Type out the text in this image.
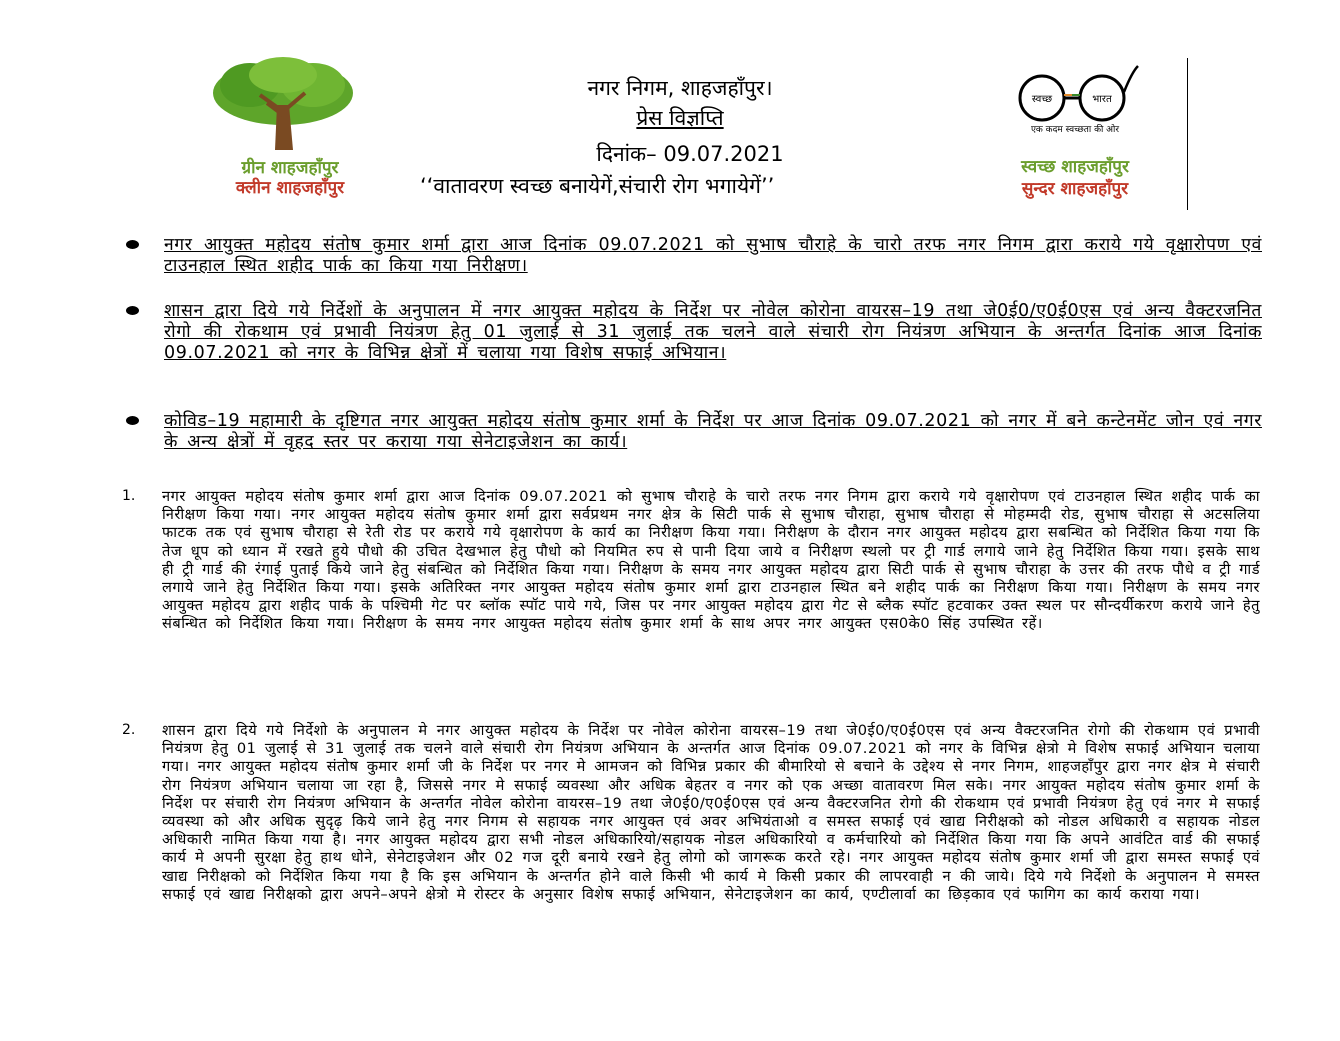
ग्रीन शाहजहाँपुर
क्लीन शाहजहाँपुर
स्वच्छ	भारत
एक कदम स्वच्छता की ओर
स्वच्छ शाहजहाँपुर
सुन्दर शाहजहाँपुर
नगर निगम, शाहजहाँपुर।
प्रेस विज्ञप्ति
दिनांक– 09.07.2021
‘‘वातावरण स्वच्छ बनायेगें,संचारी रोग भगायेगें’’
नगर आयुक्त महोदय संतोष कुमार शर्मा द्वारा आज दिनांक 09.07.2021 को सुभाष चौराहे के चारो तरफ नगर निगम द्वारा कराये गये वृक्षारोपण एवं टाउनहाल स्थित शहीद पार्क का किया गया निरीक्षण।
शासन द्वारा दिये गये निर्देशों के अनुपालन में नगर आयुक्त महोदय के निर्देश पर नोवेल कोरोना वायरस–19 तथा जे0ई0/ए0ई0एस एवं अन्य वैक्टरजनित रोगो की रोकथाम एवं प्रभावी नियंत्रण हेतु 01 जुलाई से 31 जुलाई तक चलने वाले संचारी रोग नियंत्रण अभियान के अन्तर्गत दिनांक आज दिनांक 09.07.2021 को नगर के विभिन्न क्षेत्रों में चलाया गया विशेष सफाई अभियान।
कोविड–19 महामारी के दृष्टिगत नगर आयुक्त महोदय संतोष कुमार शर्मा के निर्देश पर आज दिनांक 09.07.2021 को नगर में बने कन्टेनमेंट जोन एवं नगर के अन्य क्षेत्रों में वृहद स्तर पर कराया गया सेनेटाइजेशन का कार्य।
1. नगर आयुक्त महोदय संतोष कुमार शर्मा द्वारा आज दिनांक 09.07.2021 को सुभाष चौराहे के चारो तरफ नगर निगम द्वारा कराये गये वृक्षारोपण एवं टाउनहाल स्थित शहीद पार्क का निरीक्षण किया गया। नगर आयुक्त महोदय संतोष कुमार शर्मा द्वारा सर्वप्रथम नगर क्षेत्र के सिटी पार्क से सुभाष चौराहा, सुभाष चौराहा से मोहम्मदी रोड, सुभाष चौराहा से अटसलिया फाटक तक एवं सुभाष चौराहा से रेती रोड पर कराये गये वृक्षारोपण के कार्य का निरीक्षण किया गया। निरीक्षण के दौरान नगर आयुक्त महोदय द्वारा सबन्धित को निर्देशित किया गया कि तेज धूप को ध्यान में रखते हुये पौधो की उचित देखभाल हेतु पौधो को नियमित रुप से पानी दिया जाये व निरीक्षण स्थलो पर ट्री गार्ड लगाये जाने हेतु निर्देशित किया गया। इसके साथ ही ट्री गार्ड की रंगाई पुताई किये जाने हेतु संबन्धित को निर्देशित किया गया। निरीक्षण के समय नगर आयुक्त महोदय द्वारा सिटी पार्क से सुभाष चौराहा के उत्तर की तरफ पौधे व ट्री गार्ड लगाये जाने हेतु निर्देशित किया गया। इसके अतिरिक्त नगर आयुक्त महोदय संतोष कुमार शर्मा द्वारा टाउनहाल स्थित बने शहीद पार्क का निरीक्षण किया गया। निरीक्षण के समय नगर आयुक्त महोदय द्वारा शहीद पार्क के पश्चिमी गेट पर ब्लॉक स्पॉट पाये गये, जिस पर नगर आयुक्त महोदय द्वारा गेट से ब्लैक स्पॉट हटवाकर उक्त स्थल पर सौन्दर्यीकरण कराये जाने हेतु संबन्धित को निर्देशित किया गया। निरीक्षण के समय नगर आयुक्त महोदय संतोष कुमार शर्मा के साथ अपर नगर आयुक्त एस0के0 सिंह उपस्थित रहें।
2. शासन द्वारा दिये गये निर्देशो के अनुपालन मे नगर आयुक्त महोदय के निर्देश पर नोवेल कोरोना वायरस–19 तथा जे0ई0/ए0ई0एस एवं अन्य वैक्टरजनित रोगो की रोकथाम एवं प्रभावी नियंत्रण हेतु 01 जुलाई से 31 जुलाई तक चलने वाले संचारी रोग नियंत्रण अभियान के अन्तर्गत आज दिनांक 09.07.2021 को नगर के विभिन्न क्षेत्रो मे विशेष सफाई अभियान चलाया गया। नगर आयुक्त महोदय संतोष कुमार शर्मा जी के निर्देश पर नगर मे आमजन को विभिन्न प्रकार की बीमारियो से बचाने के उद्देश्य से नगर निगम, शाहजहाँपुर द्वारा नगर क्षेत्र मे संचारी रोग नियंत्रण अभियान चलाया जा रहा है, जिससे नगर मे सफाई व्यवस्था और अधिक बेहतर व नगर को एक अच्छा वातावरण मिल सके। नगर आयुक्त महोदय संतोष कुमार शर्मा के निर्देश पर संचारी रोग नियंत्रण अभियान के अन्तर्गत नोवेल कोरोना वायरस–19 तथा जे0ई0/ए0ई0एस एवं अन्य वैक्टरजनित रोगो की रोकथाम एवं प्रभावी नियंत्रण हेतु एवं नगर मे सफाई व्यवस्था को और अधिक सुदृढ़ किये जाने हेतु नगर निगम से सहायक नगर आयुक्त एवं अवर अभियंताओ व समस्त सफाई एवं खाद्य निरीक्षको को नोडल अधिकारी व सहायक नोडल अधिकारी नामित किया गया है। नगर आयुक्त महोदय द्वारा सभी नोडल अधिकारियो/सहायक नोडल अधिकारियो व कर्मचारियो को निर्देशित किया गया कि अपने आवंटित वार्ड की सफाई कार्य मे अपनी सुरक्षा हेतु हाथ धोने, सेनेटाइजेशन और 02 गज दूरी बनाये रखने हेतु लोगो को जागरूक करते रहे। नगर आयुक्त महोदय संतोष कुमार शर्मा जी द्वारा समस्त सफाई एवं खाद्य निरीक्षको को निर्देशित किया गया है कि इस अभियान के अन्तर्गत होने वाले किसी भी कार्य मे किसी प्रकार की लापरवाही न की जाये। दिये गये निर्देशो के अनुपालन मे समस्त सफाई एवं खाद्य निरीक्षको द्वारा अपने–अपने क्षेत्रो मे रोस्टर के अनुसार विशेष सफाई अभियान, सेनेटाइजेशन का कार्य, एण्टीलार्वा का छिड़काव एवं फागिग का कार्य कराया गया।
